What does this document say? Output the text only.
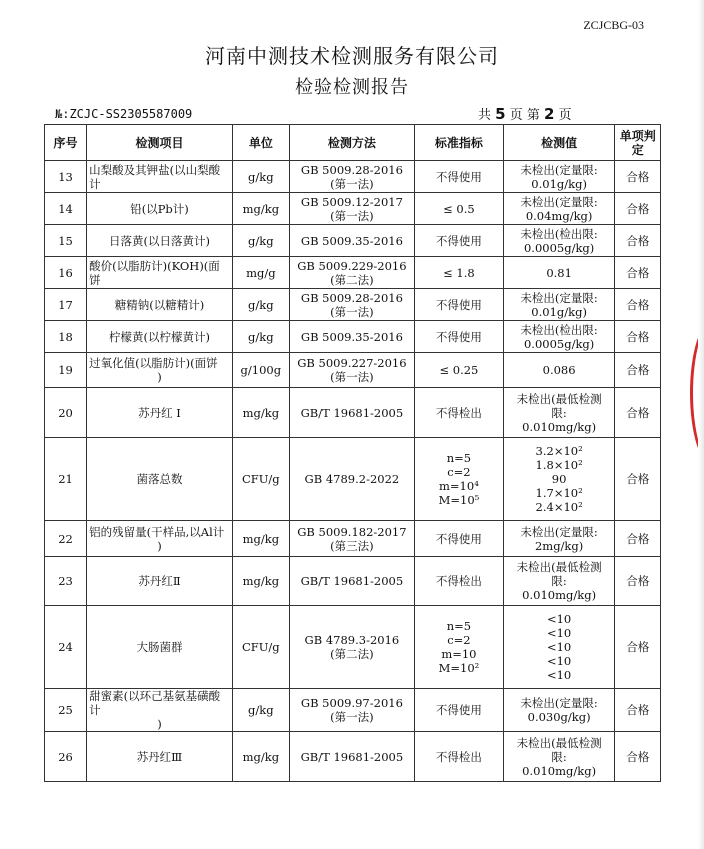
ZCJCBG-03
河南中测技术检测服务有限公司
检验检测报告
№:ZCJC-SS2305587009	共 5 页 第 2 页
序号	检测项目	单位	检测方法	标准指标	检测值	单项判定
13	山梨酸及其钾盐(以山梨酸计	g/kg	GB 5009.28-2016
(第一法)	不得使用	未检出(定量限:
0.01g/kg)	合格
14	铅(以Pb计)	mg/kg	GB 5009.12-2017
(第一法)	≤ 0.5	未检出(定量限:
0.04mg/kg)	合格
15	日落黄(以日落黄计)	g/kg	GB 5009.35-2016	不得使用	未检出(检出限:
0.0005g/kg)	合格
16	酸价(以脂肪计)(KOH)(面饼	mg/g	GB 5009.229-2016
(第二法)	≤ 1.8	0.81	合格
17	糖精钠(以糖精计)	g/kg	GB 5009.28-2016
(第一法)	不得使用	未检出(定量限:
0.01g/kg)	合格
18	柠檬黄(以柠檬黄计)	g/kg	GB 5009.35-2016	不得使用	未检出(检出限:
0.0005g/kg)	合格
19	过氧化值(以脂肪计)(面饼
)	g/100g	GB 5009.227-2016
(第一法)	≤ 0.25	0.086	合格
20	苏丹红 I	mg/kg	GB/T 19681-2005	不得检出	未检出(最低检测
限:
0.010mg/kg)	合格
21	菌落总数	CFU/g	GB 4789.2-2022	n=5
c=2
m=10⁴
M=10⁵	3.2×10²
1.8×10²
90
1.7×10²
2.4×10²	合格
22	铝的残留量(干样品,以Al计
)	mg/kg	GB 5009.182-2017
(第三法)	不得使用	未检出(定量限:
2mg/kg)	合格
23	苏丹红Ⅱ	mg/kg	GB/T 19681-2005	不得检出	未检出(最低检测
限:
0.010mg/kg)	合格
24	大肠菌群	CFU/g	GB 4789.3-2016
(第二法)	n=5
c=2
m=10
M=10²	<10
<10
<10
<10
<10	合格
25	甜蜜素(以环己基氨基磺酸计
)	g/kg	GB 5009.97-2016
(第一法)	不得使用	未检出(定量限:
0.030g/kg)	合格
26	苏丹红Ⅲ	mg/kg	GB/T 19681-2005	不得检出	未检出(最低检测
限:
0.010mg/kg)	合格
